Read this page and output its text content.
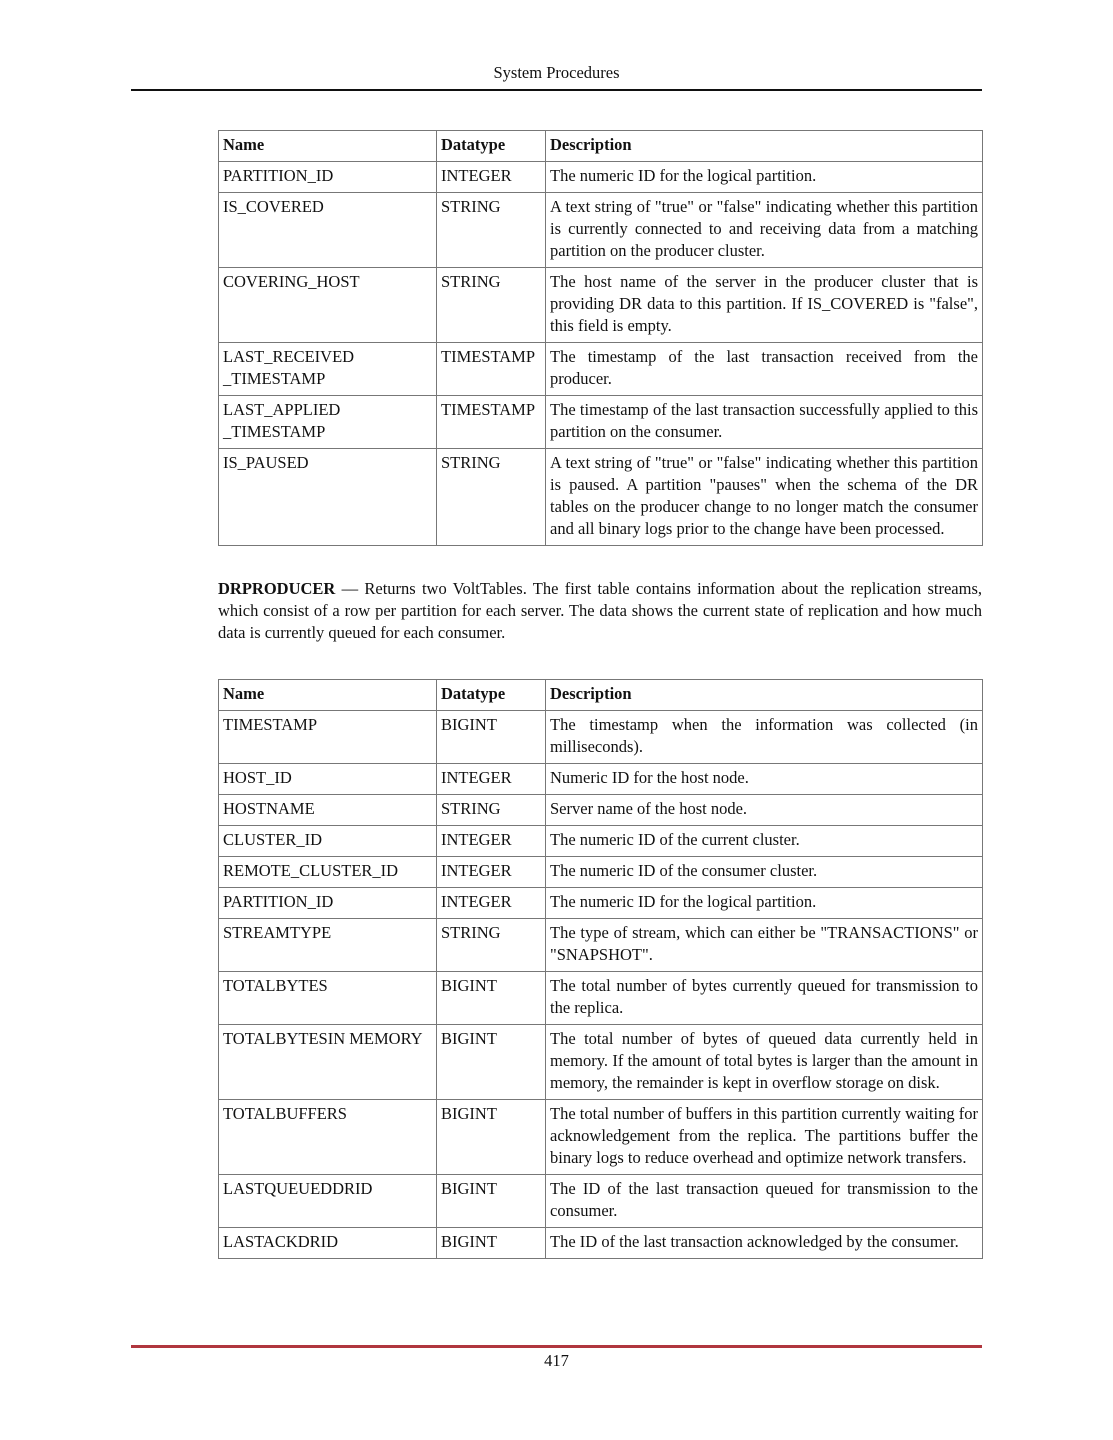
System Procedures
Name	Datatype	Description
PARTITION_ID	INTEGER	The numeric ID for the logical partition.
IS_COVERED	STRING	A text string of "true" or "false" indicating whether this partition is currently connected to and receiving data from a matching partition on the producer cluster.
COVERING_HOST	STRING	The host name of the server in the producer cluster that is providing DR data to this partition. If IS_COVERED is "false", this field is empty.
LAST_RECEIVED _TIMESTAMP	TIMESTAMP	The timestamp of the last transaction received from the producer.
LAST_APPLIED _TIMESTAMP	TIMESTAMP	The timestamp of the last transaction successfully applied to this partition on the consumer.
IS_PAUSED	STRING	A text string of "true" or "false" indicating whether this partition is paused. A partition "pauses" when the schema of the DR tables on the producer change to no longer match the consumer and all binary logs prior to the change have been processed.
DRPRODUCER — Returns two VoltTables. The first table contains information about the replication streams, which consist of a row per partition for each server. The data shows the current state of replication and how much data is currently queued for each consumer.
Name	Datatype	Description
TIMESTAMP	BIGINT	The timestamp when the information was collected (in milliseconds).
HOST_ID	INTEGER	Numeric ID for the host node.
HOSTNAME	STRING	Server name of the host node.
CLUSTER_ID	INTEGER	The numeric ID of the current cluster.
REMOTE_CLUSTER_ID	INTEGER	The numeric ID of the consumer cluster.
PARTITION_ID	INTEGER	The numeric ID for the logical partition.
STREAMTYPE	STRING	The type of stream, which can either be "TRANSACTIONS" or "SNAPSHOT".
TOTALBYTES	BIGINT	The total number of bytes currently queued for transmission to the replica.
TOTALBYTESIN MEMORY	BIGINT	The total number of bytes of queued data currently held in memory. If the amount of total bytes is larger than the amount in memory, the remainder is kept in overflow storage on disk.
TOTALBUFFERS	BIGINT	The total number of buffers in this partition currently waiting for acknowledgement from the replica. The partitions buffer the binary logs to reduce overhead and optimize network transfers.
LASTQUEUEDDRID	BIGINT	The ID of the last transaction queued for transmission to the consumer.
LASTACKDRID	BIGINT	The ID of the last transaction acknowledged by the consumer.
417
